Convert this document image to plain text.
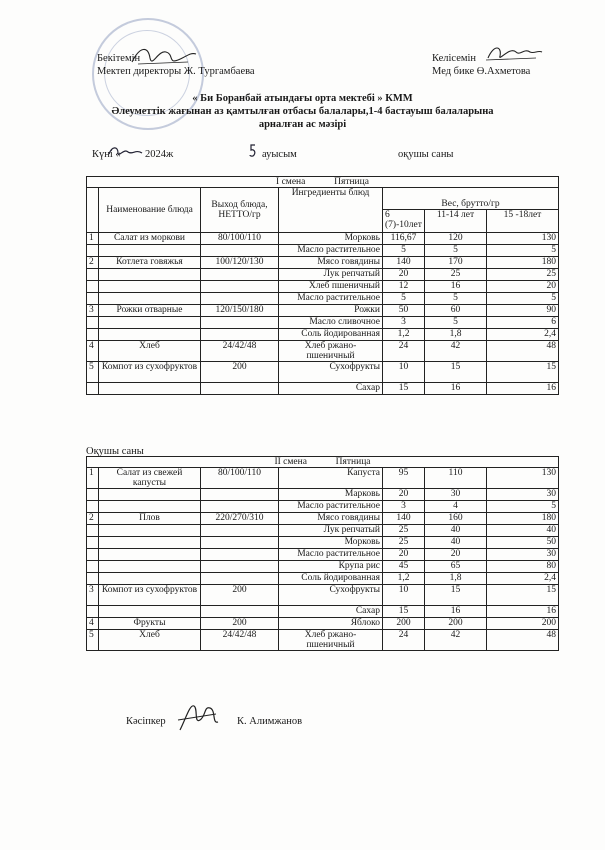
Бекітемін
Мектеп директоры Ж. Тургамбаева
Келісемін
Мед бике Ө.Ахметова
« Би Боранбай атындағы орта мектебі » КММ
Әлеуметтік жағынан аз қамтылған отбасы балалары,1-4 бастауыш балаларына
арналған ас мәзірі
Күні « 2024ж	ауысым	оқушы саны
I смена Пятница						
	Наименование блюда	Выход блюда, НЕТТО/гр	Ингредиенты блюд	Вес, брутто/гр		
				6 (7)-10лет	11-14 лет	15 -18лет
1	Салат из моркови	80/100/110	Морковь	116,67	120	130
			Масло растительное	5	5	5
2	Котлета говяжья	100/120/130	Мясо говядины	140	170	180
			Лук репчатый	20	25	25
			Хлеб пшеничный	12	16	20
			Масло растительное	5	5	5
3	Рожки отварные	120/150/180	Рожки	50	60	90
			Масло сливочное	3	5	6
			Соль йодированная	1,2	1,8	2,4
4	Хлеб	24/42/48	Хлеб ржано-пшеничный	24	42	48
5	Компот из сухофруктов	200	Сухофрукты	10	15	15
			Сахар	15	16	16
Оқушы саны
II смена Пятница						
1	Салат из свежей капусты	80/100/110	Капуста	95	110	130
			Марковь	20	30	30
			Масло растительное	3	4	5
2	Плов	220/270/310	Мясо говядины	140	160	180
			Лук репчатый	25	40	40
			Морковь	25	40	50
			Масло растительное	20	20	30
			Крупа рис	45	65	80
			Соль йодированная	1,2	1,8	2,4
3	Компот из сухофруктов	200	Сухофрукты	10	15	15
			Сахар	15	16	16
4	Фрукты	200	Яблоко	200	200	200
5	Хлеб	24/42/48	Хлеб ржано-пшеничный	24	42	48
Кәсіпкер	К. Алимжанов
